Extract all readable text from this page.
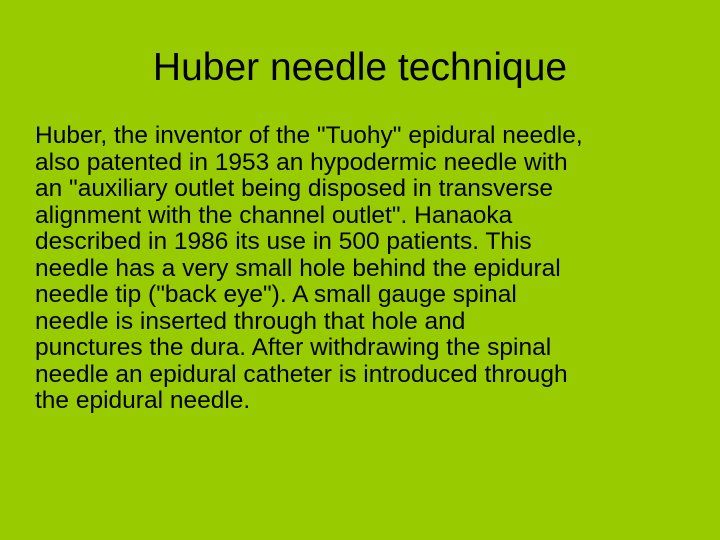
Huber needle technique
Huber, the inventor of the "Tuohy" epidural needle,
also patented in 1953 an hypodermic needle with
an "auxiliary outlet being disposed in transverse
alignment with the channel outlet". Hanaoka
described in 1986 its use in 500 patients. This
needle has a very small hole behind the epidural
needle tip ("back eye"). A small gauge spinal
needle is inserted through that hole and
punctures the dura. After withdrawing the spinal
needle an epidural catheter is introduced through
the epidural needle.
